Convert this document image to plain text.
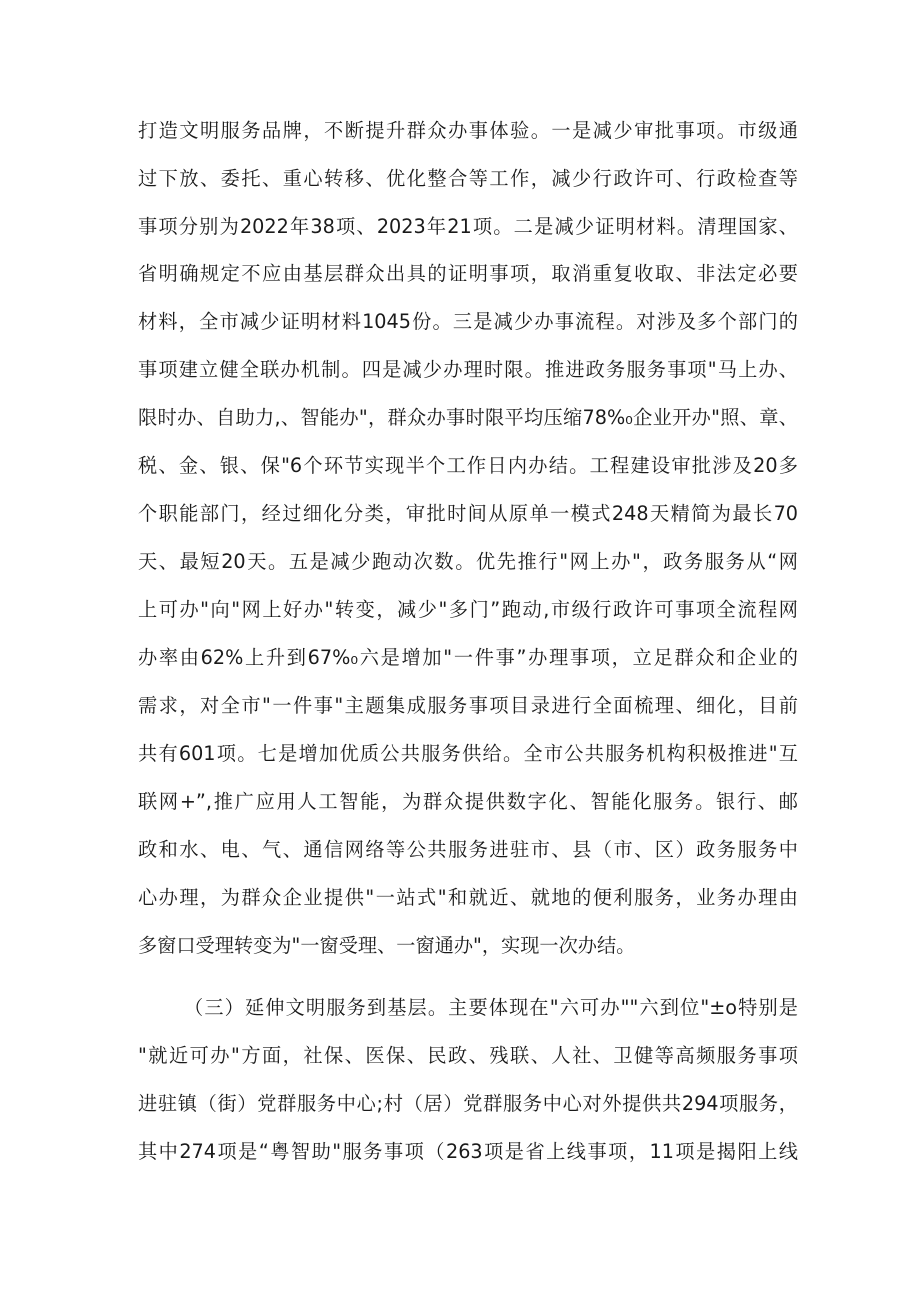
打造文明服务品牌，不断提升群众办事体验。一是减少审批事项。市级通
过下放、委托、重心转移、优化整合等工作，减少行政许可、行政检查等
事项分别为2022年38项、2023年21项。二是减少证明材料。清理国家、
省明确规定不应由基层群众出具的证明事项，取消重复收取、非法定必要
材料，全市减少证明材料1045份。三是减少办事流程。对涉及多个部门的
事项建立健全联办机制。四是减少办理时限。推进政务服务事项"马上办、
限时办、自助力,、智能办"，群众办事时限平均压缩78%₀企业开办"照、章、
税、金、银、保"6个环节实现半个工作日内办结。工程建设审批涉及20多
个职能部门，经过细化分类，审批时间从原单一模式248天精简为最长70
天、最短20天。五是减少跑动次数。优先推行"网上办"，政务服务从“网
上可办"向"网上好办"转变，减少"多门”跑动,市级行政许可事项全流程网
办率由62%上升到67%₀六是增加"一件事”办理事项，立足群众和企业的
需求，对全市"一件事"主题集成服务事项目录进行全面梳理、细化，目前
共有601项。七是增加优质公共服务供给。全市公共服务机构积极推进"互
联网+”,推广应用人工智能，为群众提供数字化、智能化服务。银行、邮
政和水、电、气、通信网络等公共服务进驻市、县（市、区）政务服务中
心办理，为群众企业提供"一站式"和就近、就地的便利服务，业务办理由
多窗口受理转变为"一窗受理、一窗通办"，实现一次办结。
（三）延伸文明服务到基层。主要体现在"六可办""六到位"±o特别是
"就近可办"方面，社保、医保、民政、残联、人社、卫健等高频服务事项
进驻镇（街）党群服务中心;村（居）党群服务中心对外提供共294项服务，
其中274项是“粤智助"服务事项（263项是省上线事项，11项是揭阳上线
